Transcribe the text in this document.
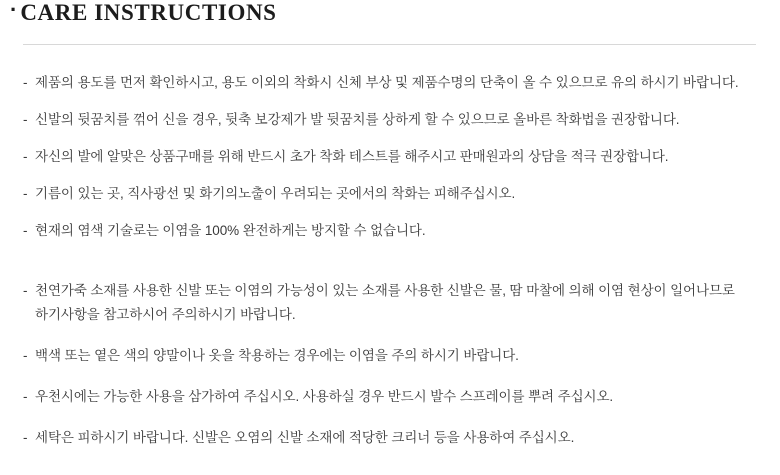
· CARE INSTRUCTIONS
- 제품의 용도를 먼저 확인하시고, 용도 이외의 착화시 신체 부상 및 제품수명의 단축이 올 수 있으므로 유의 하시기 바랍니다.
- 신발의 뒷꿈치를 꺾어 신을 경우, 뒷축 보강제가 발 뒷꿈치를 상하게 할 수 있으므로 올바른 착화법을 권장합니다.
- 자신의 발에 알맞은 상품구매를 위해 반드시 초가 착화 테스트를 해주시고 판매원과의 상담을 적극 권장합니다.
- 기름이 있는 곳, 직사광선 및 화기의노출이 우려되는 곳에서의 착화는 피해주십시오.
- 현재의 염색 기술로는 이염을 100% 완전하게는 방지할 수 없습니다.
- 천연가죽 소재를 사용한 신발 또는 이염의 가능성이 있는 소재를 사용한 신발은 물, 땀 마찰에 의해 이염 현상이 일어나므로 하기사항을 참고하시어 주의하시기 바랍니다.
- 백색 또는 옅은 색의 양말이나 옷을 착용하는 경우에는 이염을 주의 하시기 바랍니다.
- 우천시에는 가능한 사용을 삼가하여 주십시오. 사용하실 경우 반드시 발수 스프레이를 뿌려 주십시오.
- 세탁은 피하시기 바랍니다. 신발은 오염의 신발 소재에 적당한 크리너 등을 사용하여 주십시오.
